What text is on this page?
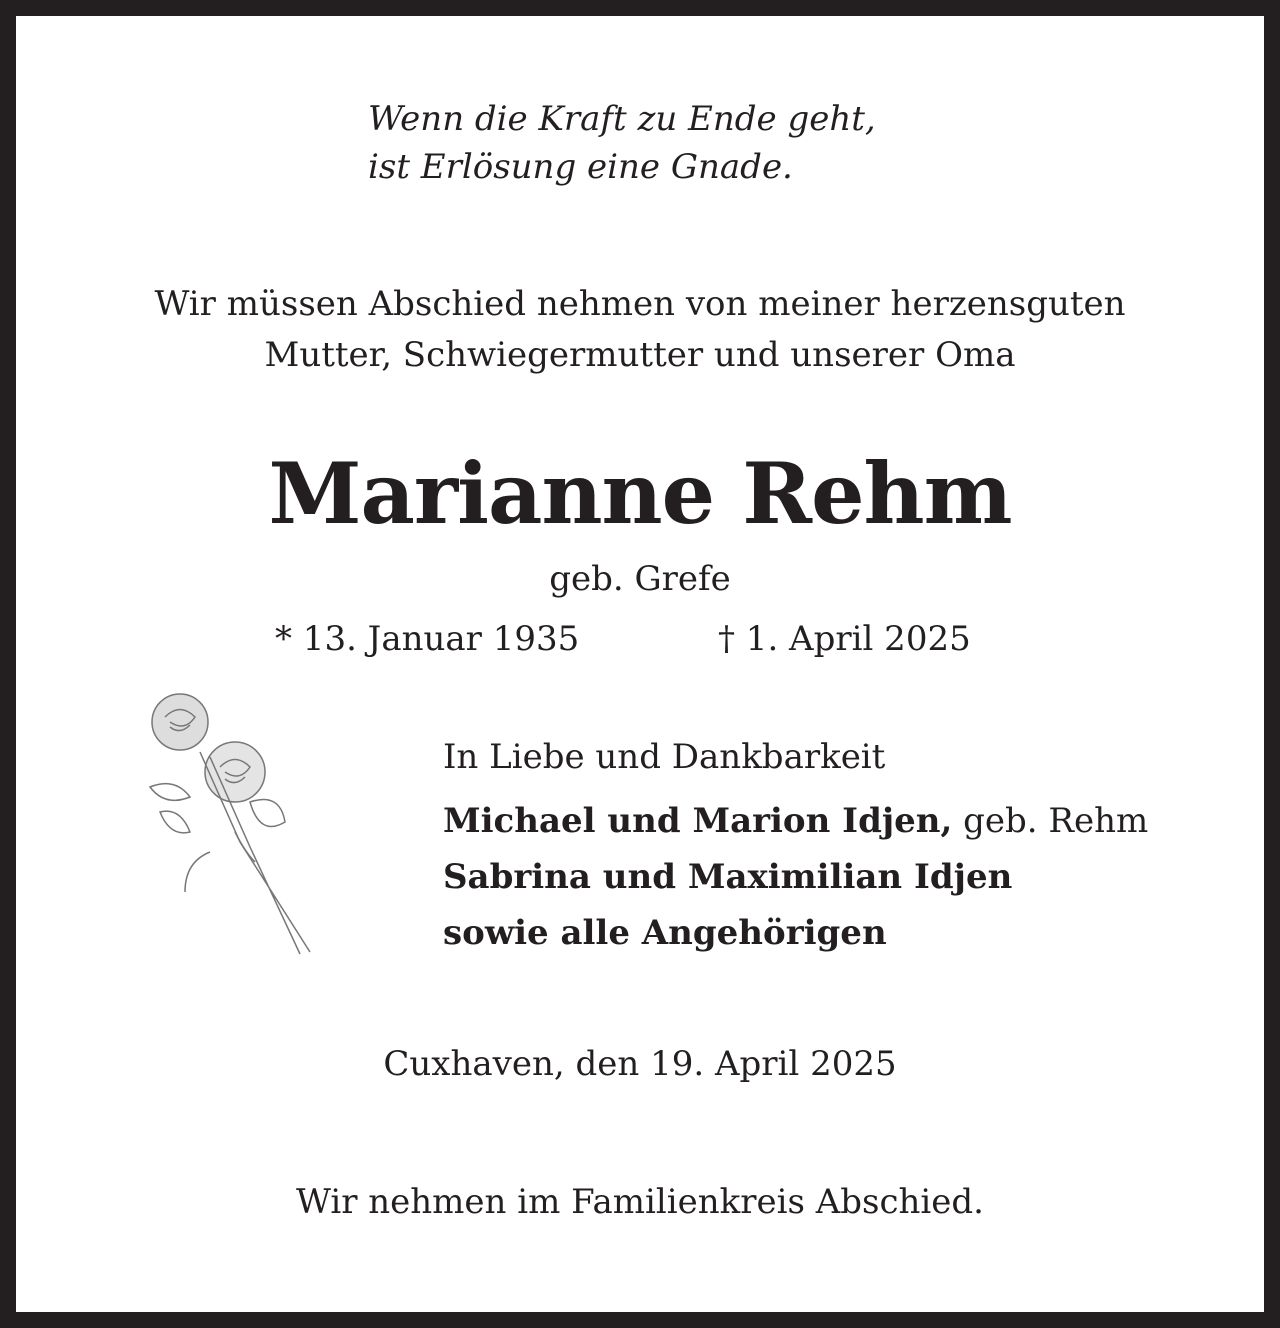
Wenn die Kraft zu Ende geht,
ist Erlösung eine Gnade.
Wir müssen Abschied nehmen von meiner herzensguten
Mutter, Schwiegermutter und unserer Oma
Marianne Rehm
geb. Grefe
* 13. Januar 1935	† 1. April 2025
In Liebe und Dankbarkeit
Michael und Marion Idjen, geb. Rehm
Sabrina und Maximilian Idjen
sowie alle Angehörigen
Cuxhaven, den 19. April 2025
Wir nehmen im Familienkreis Abschied.
